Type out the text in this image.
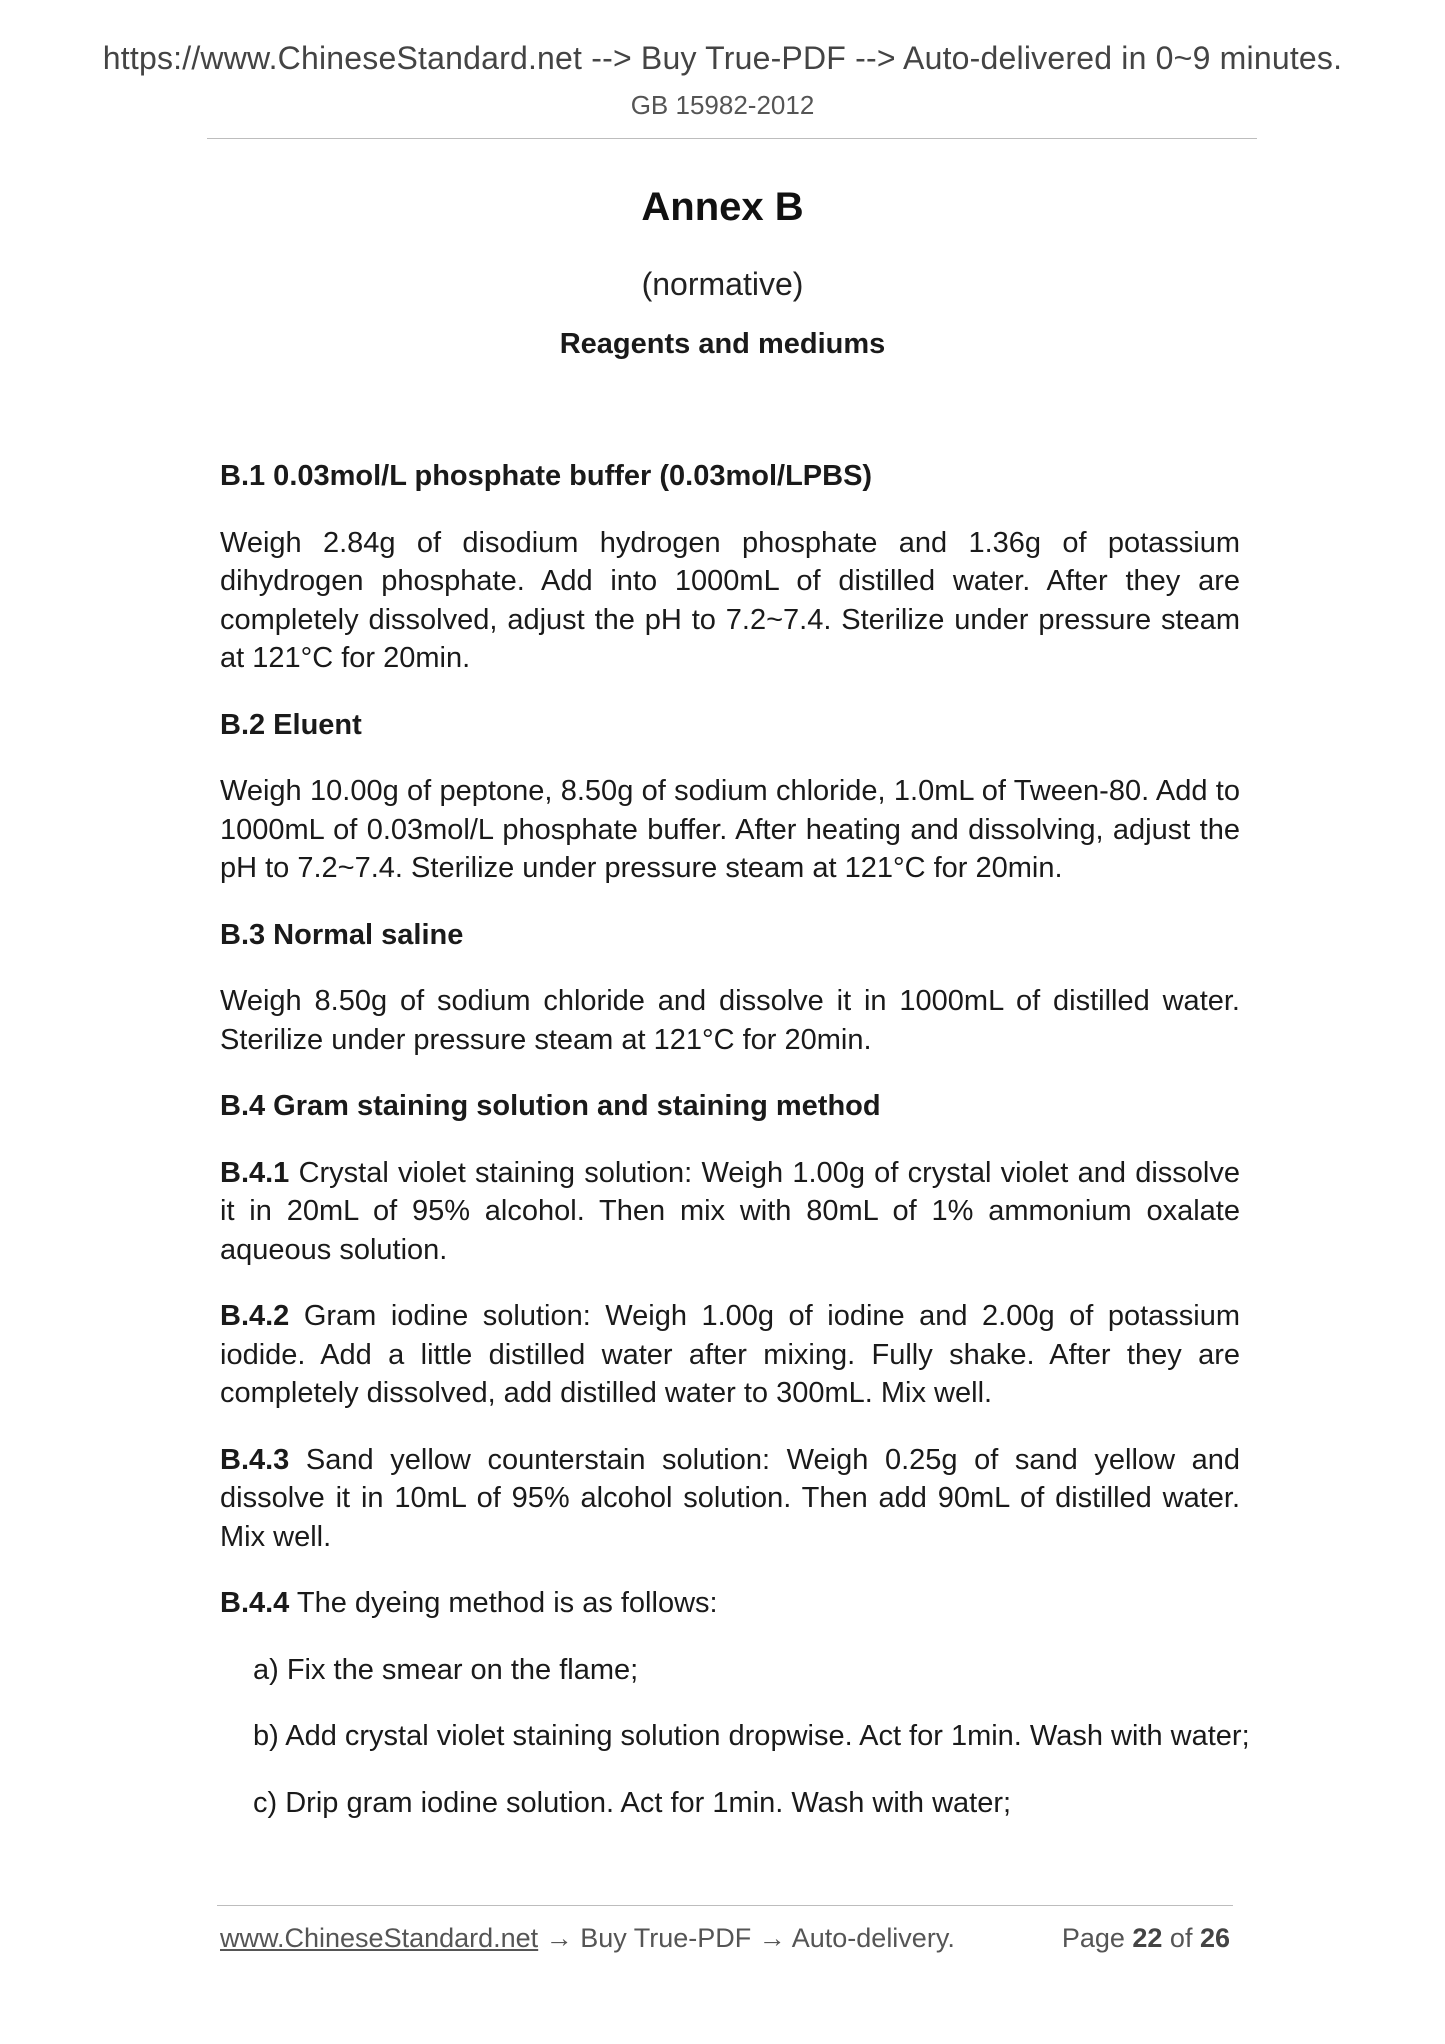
https://www.ChineseStandard.net --> Buy True-PDF --> Auto-delivered in 0~9 minutes.
GB 15982-2012
Annex B
(normative)
Reagents and mediums

B.1 0.03mol/L phosphate buffer (0.03mol/LPBS)

Weigh 2.84g of disodium hydrogen phosphate and 1.36g of potassium dihydrogen phosphate. Add into 1000mL of distilled water. After they are completely dissolved, adjust the pH to 7.2~7.4. Sterilize under pressure steam at 121°C for 20min.

B.2 Eluent

Weigh 10.00g of peptone, 8.50g of sodium chloride, 1.0mL of Tween-80. Add to 1000mL of 0.03mol/L phosphate buffer. After heating and dissolving, adjust the pH to 7.2~7.4. Sterilize under pressure steam at 121°C for 20min.

B.3 Normal saline

Weigh 8.50g of sodium chloride and dissolve it in 1000mL of distilled water. Sterilize under pressure steam at 121°C for 20min.

B.4 Gram staining solution and staining method

B.4.1 Crystal violet staining solution: Weigh 1.00g of crystal violet and dissolve it in 20mL of 95% alcohol. Then mix with 80mL of 1% ammonium oxalate aqueous solution.

B.4.2 Gram iodine solution: Weigh 1.00g of iodine and 2.00g of potassium iodide. Add a little distilled water after mixing. Fully shake. After they are completely dissolved, add distilled water to 300mL. Mix well.

B.4.3 Sand yellow counterstain solution: Weigh 0.25g of sand yellow and dissolve it in 10mL of 95% alcohol solution. Then add 90mL of distilled water. Mix well.

B.4.4 The dyeing method is as follows:

a) Fix the smear on the flame;

b) Add crystal violet staining solution dropwise. Act for 1min. Wash with water;

c) Drip gram iodine solution. Act for 1min. Wash with water;

www.ChineseStandard.net → Buy True-PDF → Auto-delivery.	Page 22 of 26
